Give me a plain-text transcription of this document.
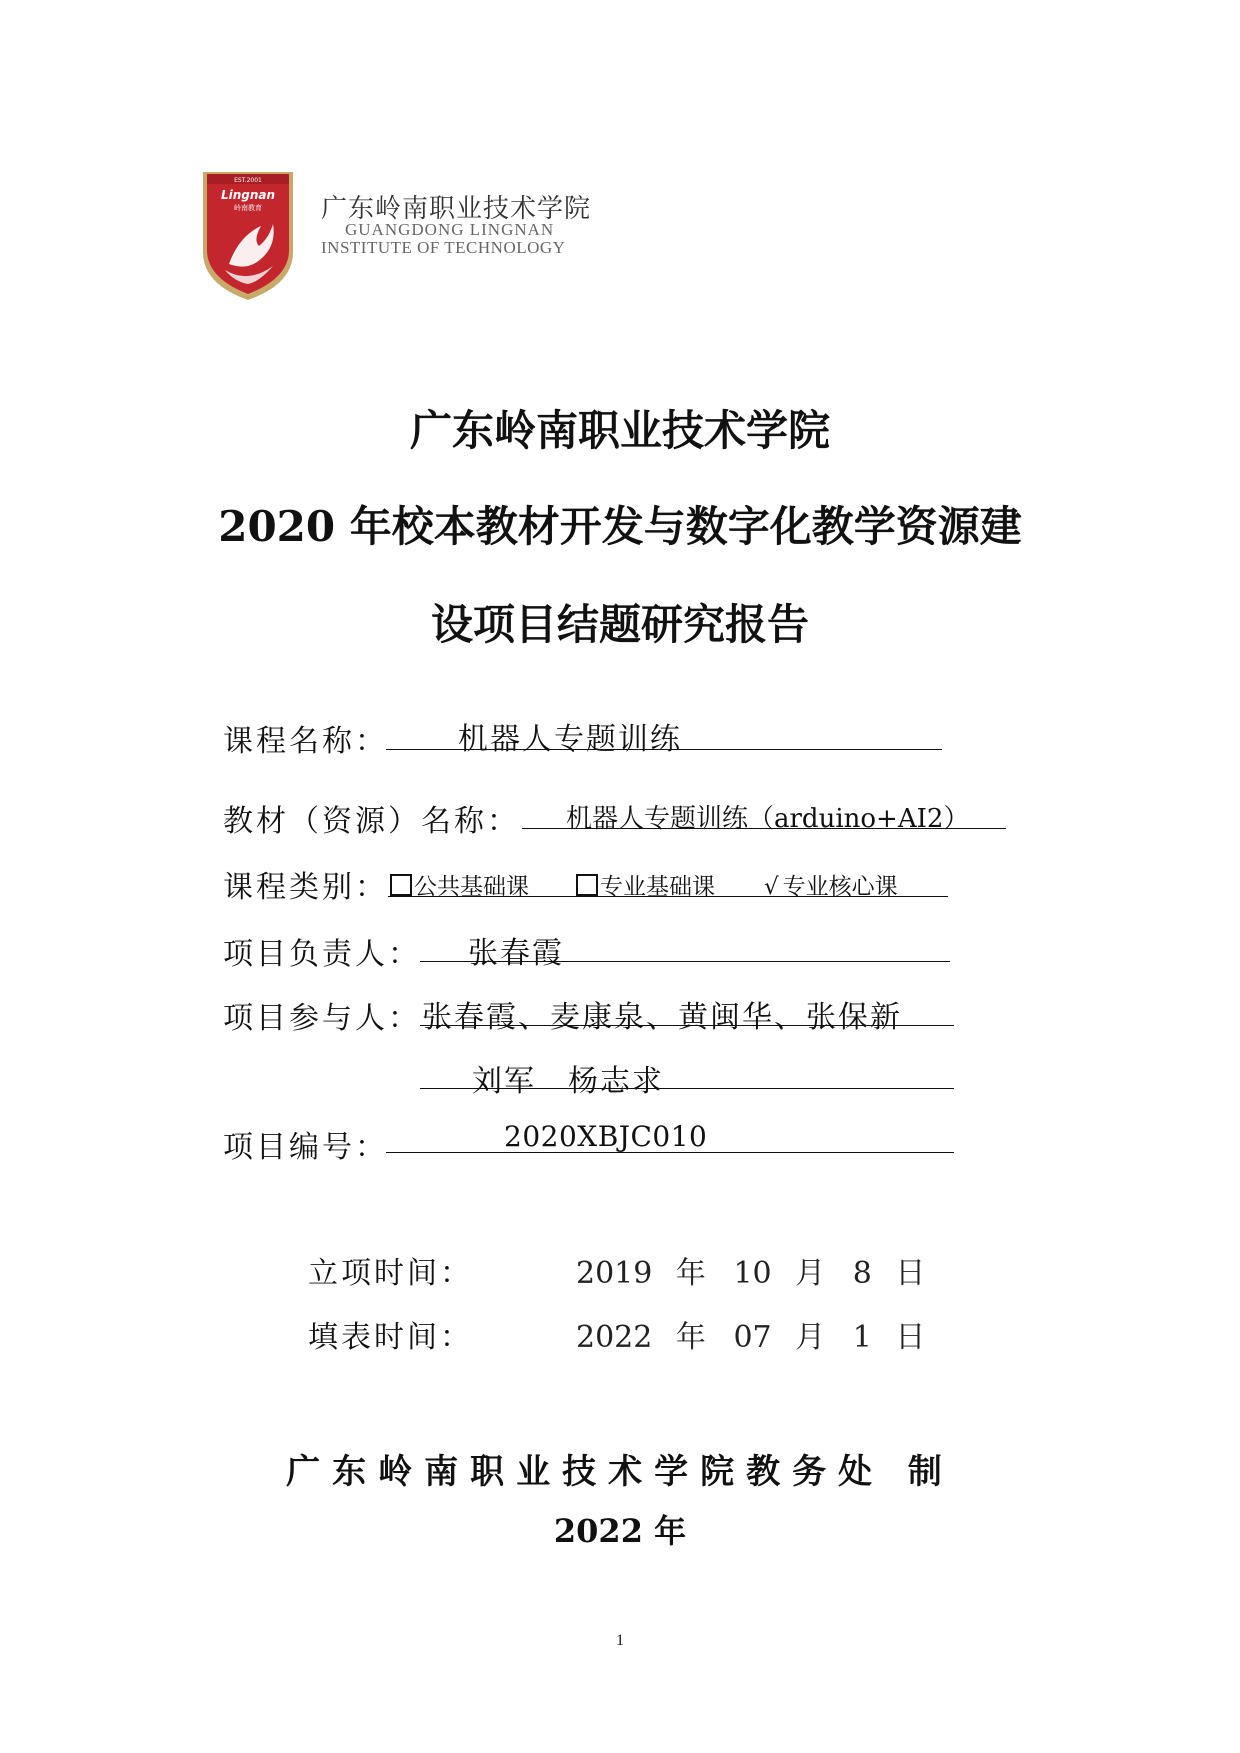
EST.2001
Lingnan
岭南教育 广东岭南职业技术学院
GUANGDONG LINGNAN
INSTITUTE OF TECHNOLOGY
广东岭南职业技术学院
2020 年校本教材开发与数字化教学资源建
设项目结题研究报告
课程名称： 机器人专题训练
教材（资源）名称： 机器人专题训练（arduino+AI2）
课程类别：	公共基础课	专业基础课 √ 专业核心课
项目负责人： 张春霞
项目参与人： 张春霞、麦康泉、黄闽华、张保新
刘军　杨志求
项目编号：	2020XBJC010
立项时间：	2019 年 10 月 8 日
填表时间：	2022 年 07 月 1 日
广东岭南职业技术学院教务处 制
2022 年
1
